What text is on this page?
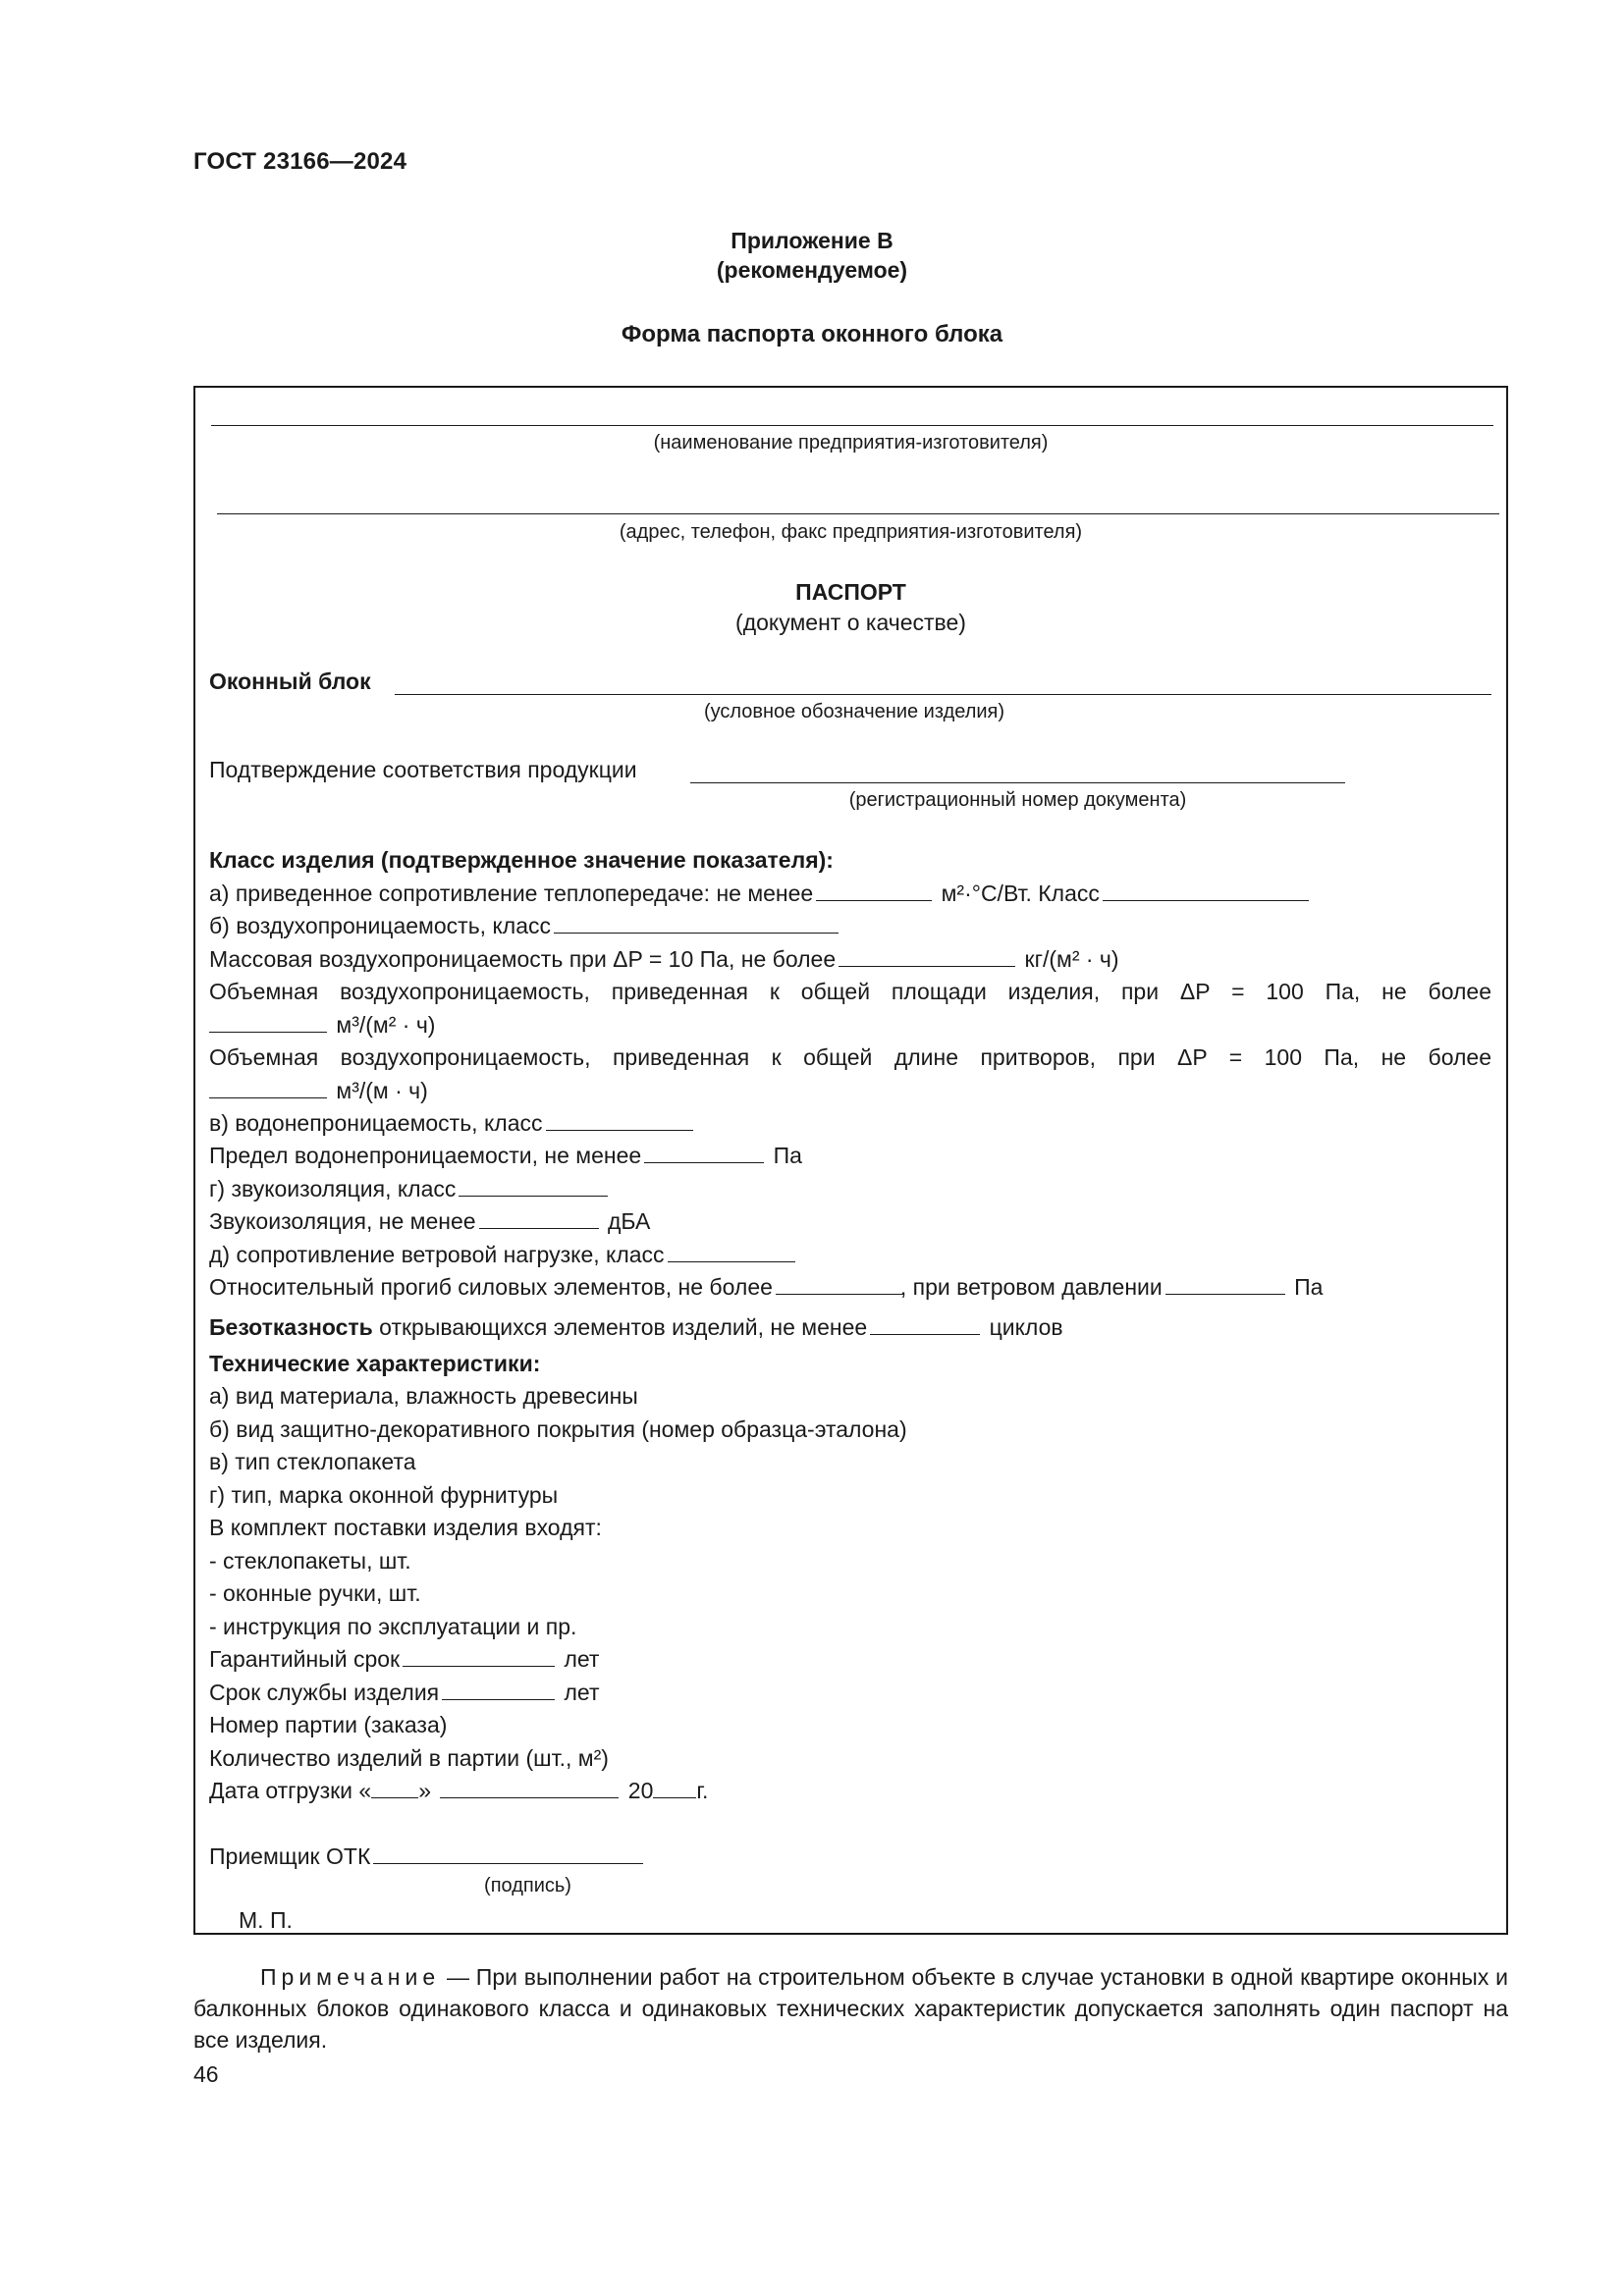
ГОСТ 23166—2024
Приложение В
(рекомендуемое)
Форма паспорта оконного блока
(наименование предприятия-изготовителя)
(адрес, телефон, факс предприятия-изготовителя)
ПАСПОРТ
(документ о качестве)
Оконный блок
(условное обозначение изделия)
Подтверждение соответствия продукции
(регистрационный номер документа)
Класс изделия (подтвержденное значение показателя):
а) приведенное сопротивление теплопередаче: не менее	м²·°С/Вт. Класс
б) воздухопроницаемость, класс
Массовая воздухопроницаемость при ΔP = 10 Па, не более	кг/(м² · ч)
Объемная воздухопроницаемость, приведенная к общей площади изделия, при ΔP = 100 Па, не более
м³/(м² · ч)
Объемная воздухопроницаемость, приведенная к общей длине притворов, при ΔP = 100 Па, не более
м³/(м · ч)
в) водонепроницаемость, класс
Предел водонепроницаемости, не менее	Па
г) звукоизоляция, класс
Звукоизоляция, не менее	дБА
д) сопротивление ветровой нагрузке, класс
Относительный прогиб силовых элементов, не более	, при ветровом давлении	Па
Безотказность открывающихся элементов изделий, не менее	циклов
Технические характеристики:
а) вид материала, влажность древесины
б) вид защитно-декоративного покрытия (номер образца-эталона)
в) тип стеклопакета
г) тип, марка оконной фурнитуры
В комплект поставки изделия входят:
- стеклопакеты, шт.
- оконные ручки, шт.
- инструкция по эксплуатации и пр.
Гарантийный срок	лет
Срок службы изделия	лет
Номер партии (заказа)
Количество изделий в партии (шт., м²)
Дата отгрузки « »	20 г.
Приемщик ОТК
(подпись)
М. П.
Примечание — При выполнении работ на строительном объекте в случае установки в одной квартире оконных и балконных блоков одинакового класса и одинаковых технических характеристик допускается заполнять один паспорт на все изделия.
46
